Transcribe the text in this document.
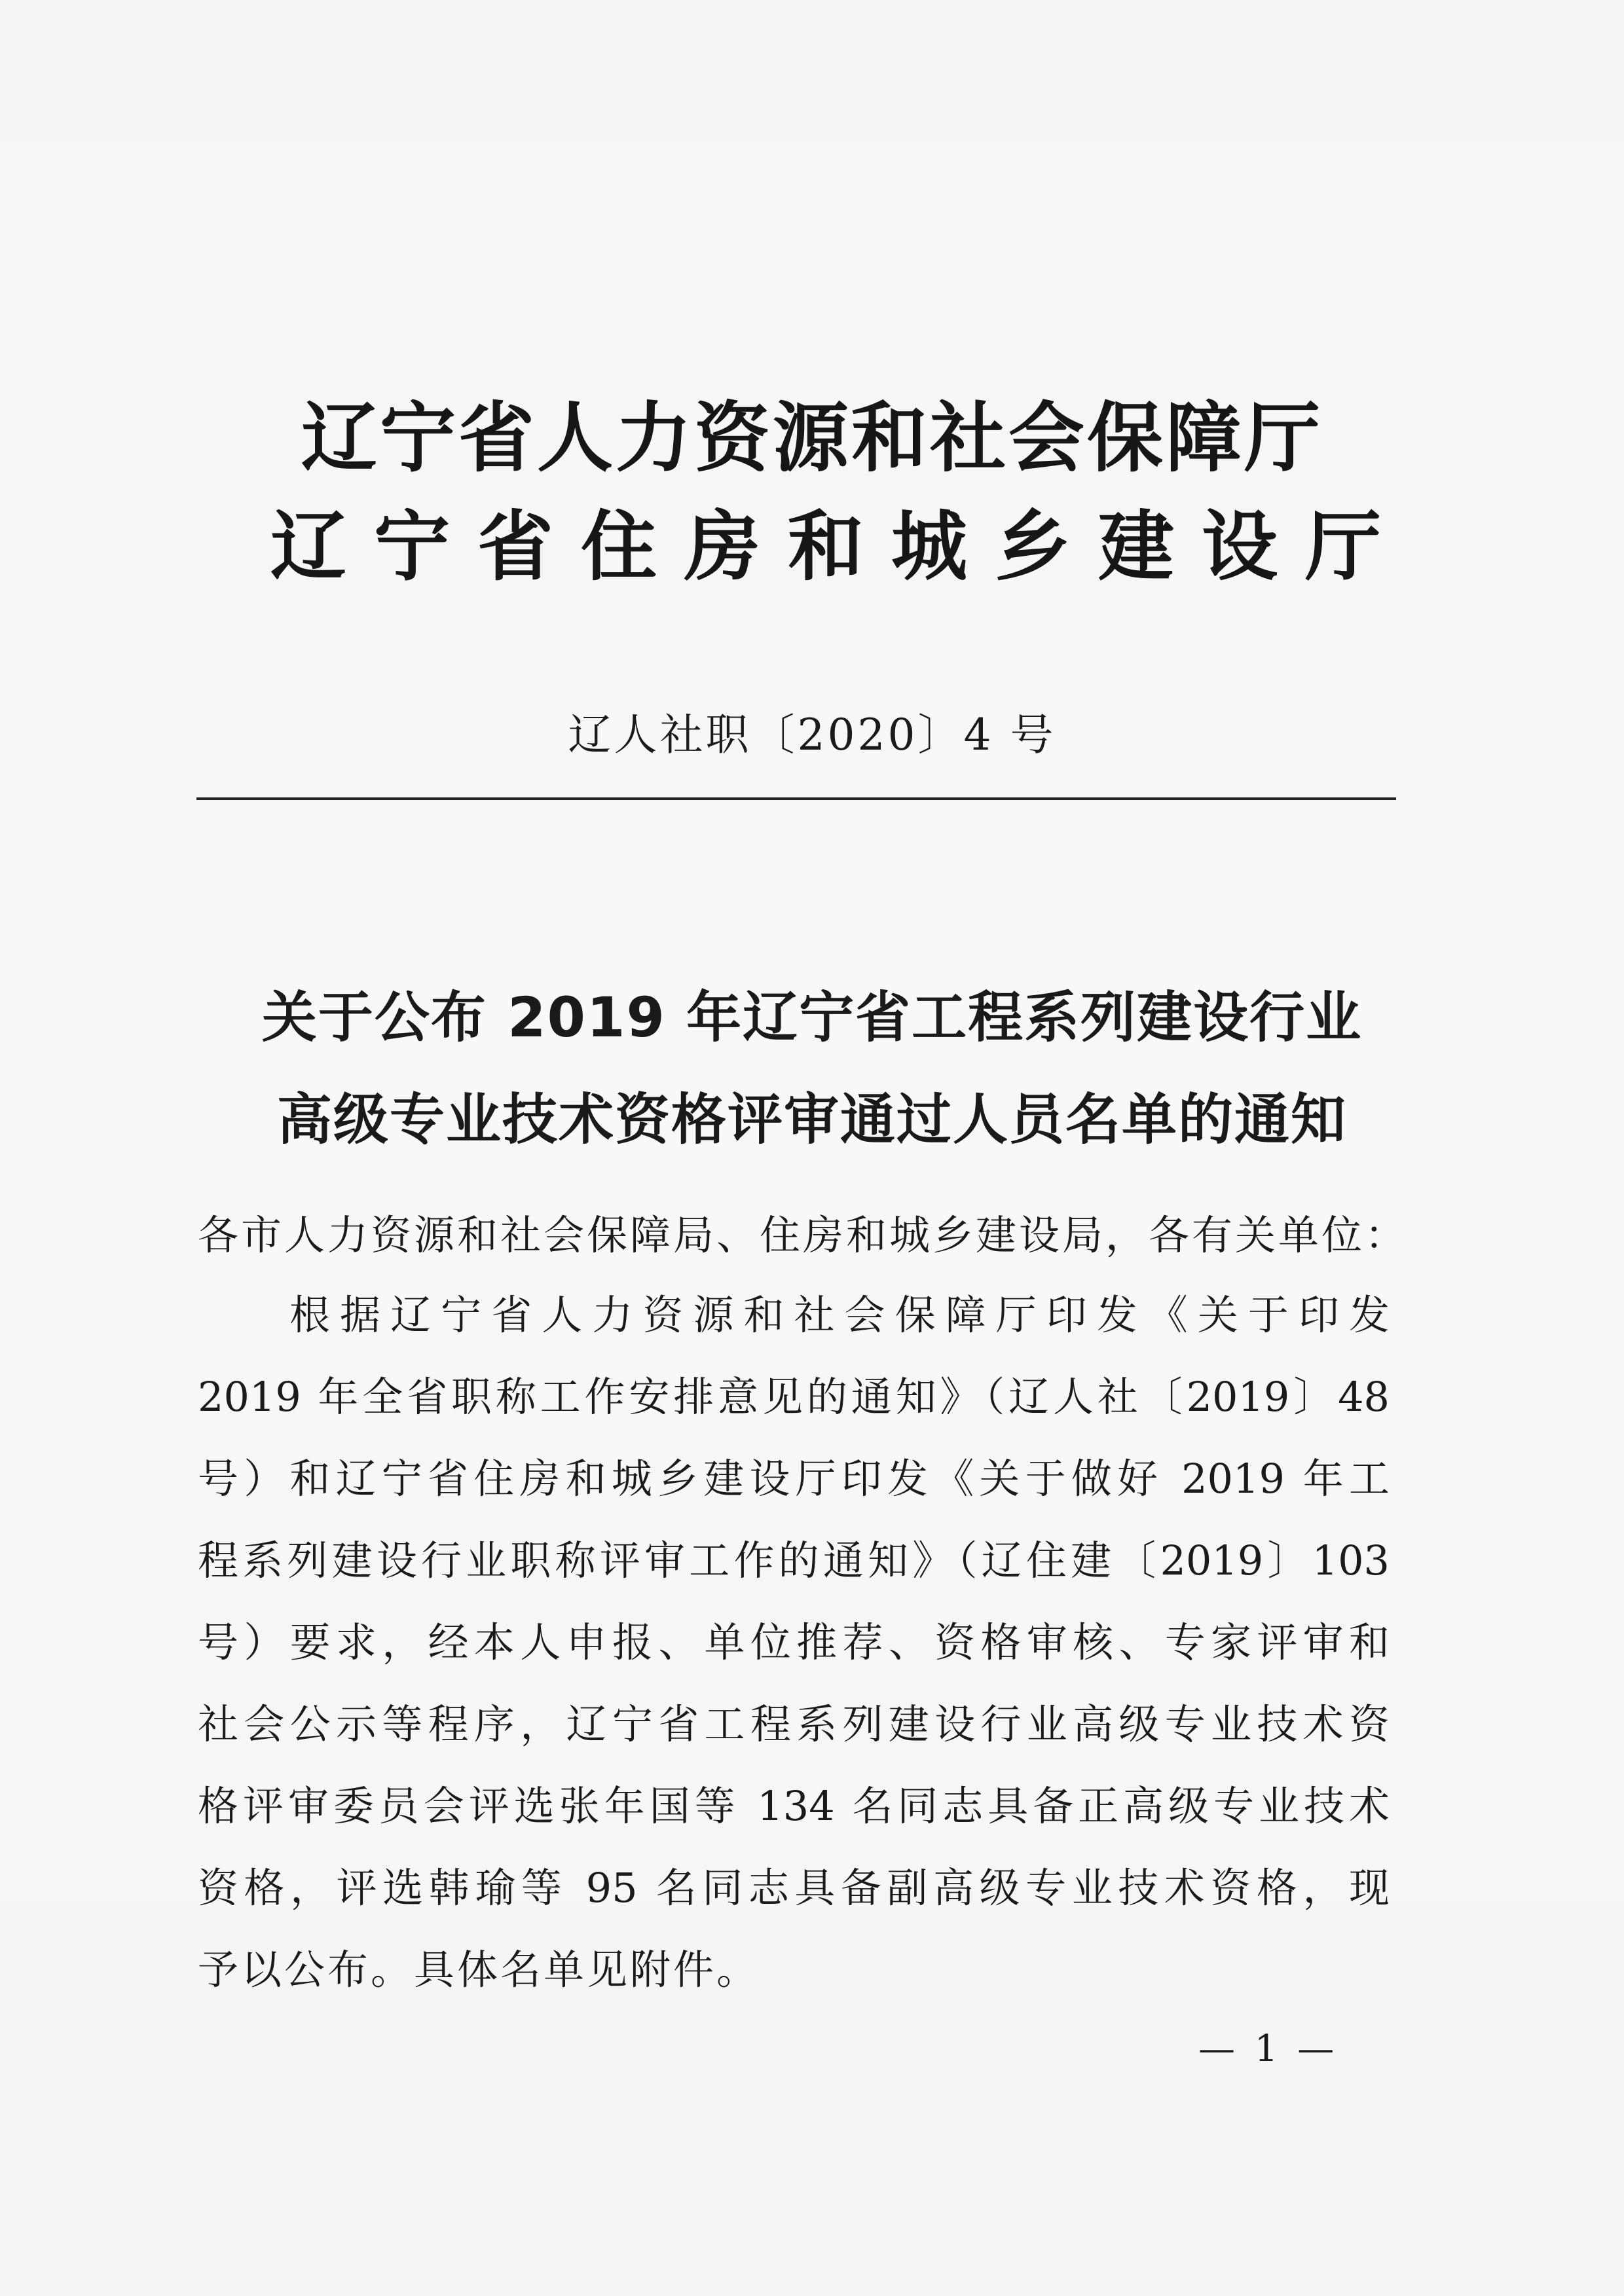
辽宁省人力资源和社会保障厅
辽宁省住房和城乡建设厅
辽人社职〔2020〕4 号
关于公布 2019 年辽宁省工程系列建设行业
高级专业技术资格评审通过人员名单的通知
各市人力资源和社会保障局、住房和城乡建设局，各有关单位：
根据辽宁省人力资源和社会保障厅印发《关于印发
2019 年全省职称工作安排意见的通知》（辽人社〔2019〕48
号）和辽宁省住房和城乡建设厅印发《关于做好 2019 年工
程系列建设行业职称评审工作的通知》（辽住建〔2019〕103
号）要求，经本人申报、单位推荐、资格审核、专家评审和
社会公示等程序，辽宁省工程系列建设行业高级专业技术资
格评审委员会评选张年国等 134 名同志具备正高级专业技术
资格，评选韩瑜等 95 名同志具备副高级专业技术资格，现
予以公布。具体名单见附件。
— 1 —
